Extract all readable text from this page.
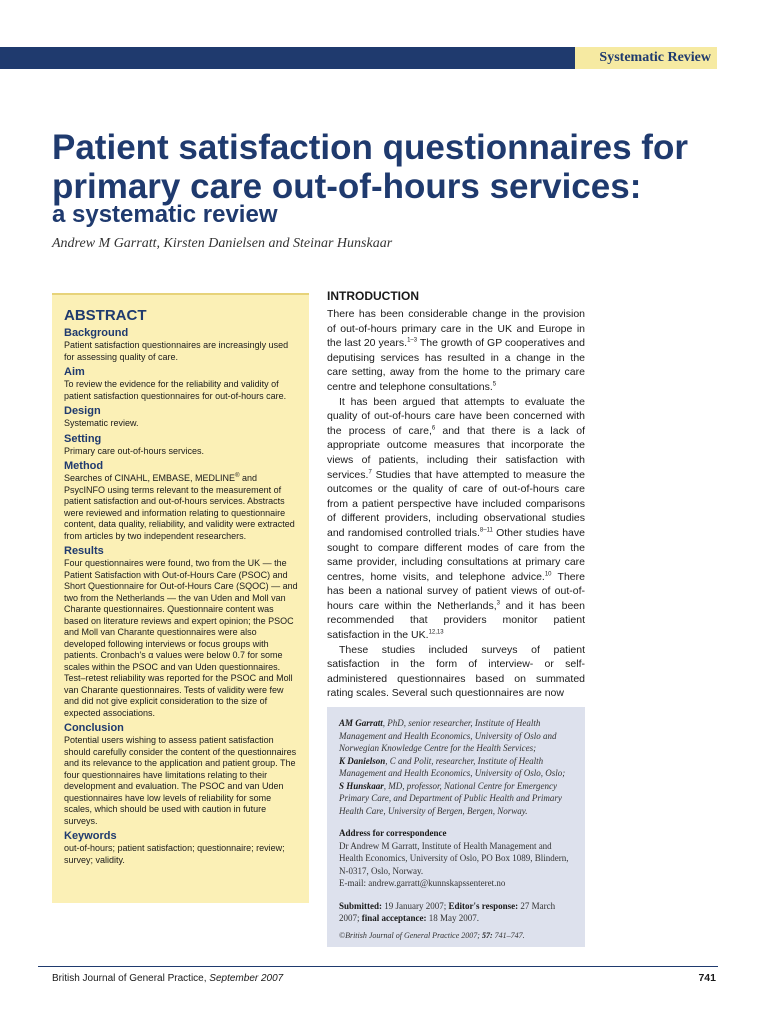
Systematic Review
Patient satisfaction questionnaires for primary care out-of-hours services:
a systematic review
Andrew M Garratt, Kirsten Danielsen and Steinar Hunskaar
ABSTRACT
Background

Patient satisfaction questionnaires are increasingly used for assessing quality of care.

Aim

To review the evidence for the reliability and validity of patient satisfaction questionnaires for out-of-hours care.

Design

Systematic review.

Setting

Primary care out-of-hours services.

Method

Searches of CINAHL, EMBASE, MEDLINE® and PsycINFO using terms relevant to the measurement of patient satisfaction and out-of-hours services. Abstracts were reviewed and information relating to questionnaire content, data quality, reliability, and validity were extracted from articles by two independent researchers.

Results

Four questionnaires were found, two from the UK — the Patient Satisfaction with Out-of-Hours Care (PSOC) and Short Questionnaire for Out-of-Hours Care (SQOC) — and two from the Netherlands — the van Uden and Moll van Charante questionnaires. Questionnaire content was based on literature reviews and expert opinion; the PSOC and Moll van Charante questionnaires were also developed following interviews or focus groups with patients. Cronbach's α values were below 0.7 for some scales within the PSOC and van Uden questionnaires. Test–retest reliability was reported for the PSOC and Moll van Charante questionnaires. Tests of validity were few and did not give explicit consideration to the size of expected associations.

Conclusion

Potential users wishing to assess patient satisfaction should carefully consider the content of the questionnaires and its relevance to the application and patient group. The four questionnaires have limitations relating to their development and evaluation. The PSOC and van Uden questionnaires have low levels of reliability for some scales, which should be used with caution in future surveys.

Keywords

out-of-hours; patient satisfaction; questionnaire; review; survey; validity.

INTRODUCTION

There has been considerable change in the provision of out-of-hours primary care in the UK and Europe in the last 20 years.$^{1-3}$ The growth of GP cooperatives and deputising services has resulted in a change in the care setting, away from the home to the primary care centre and telephone consultations.$^5$

It has been argued that attempts to evaluate the quality of out-of-hours care have been concerned with the process of care,$^6$ and that there is a lack of appropriate outcome measures that incorporate the views of patients, including their satisfaction with services.$^7$ Studies that have attempted to measure the outcomes or the quality of care of out-of-hours care from a patient perspective have included comparisons of different providers, including observational studies and randomised controlled trials.$^{8-11}$ Other studies have sought to compare different modes of care from the same provider, including consultations at primary care centres, home visits, and telephone advice.$^{10}$ There has been a national survey of patient views of out-of-hours care within the Netherlands,$^3$ and it has been recommended that providers monitor patient satisfaction in the UK.$^{12,13}$

These studies included surveys of patient satisfaction in the form of interview- or self-administered questionnaires based on summated rating scales. Several such questionnaires are now

AM Garratt, PhD, senior researcher, Institute of Health Management and Health Economics, University of Oslo and Norwegian Knowledge Centre for the Health Services;

K Danielson, C and Polit, researcher, Institute of Health Management and Health Economics, University of Oslo, Oslo;

S Hunskaar, MD, professor, National Centre for Emergency Primary Care, and Department of Public Health and Primary Health Care, University of Bergen, Bergen, Norway.

Address for correspondence

Dr Andrew M Garratt, Institute of Health Management and Health Economics, University of Oslo, PO Box 1089, Blindern, N-0317, Oslo, Norway.

E-mail: andrew.garratt@kunnskapssenteret.no

Submitted: 19 January 2007; Editor's response: 27 March 2007; final acceptance: 18 May 2007.

©British Journal of General Practice 2007; 57: 741–747.

British Journal of General Practice, September 2007	741
